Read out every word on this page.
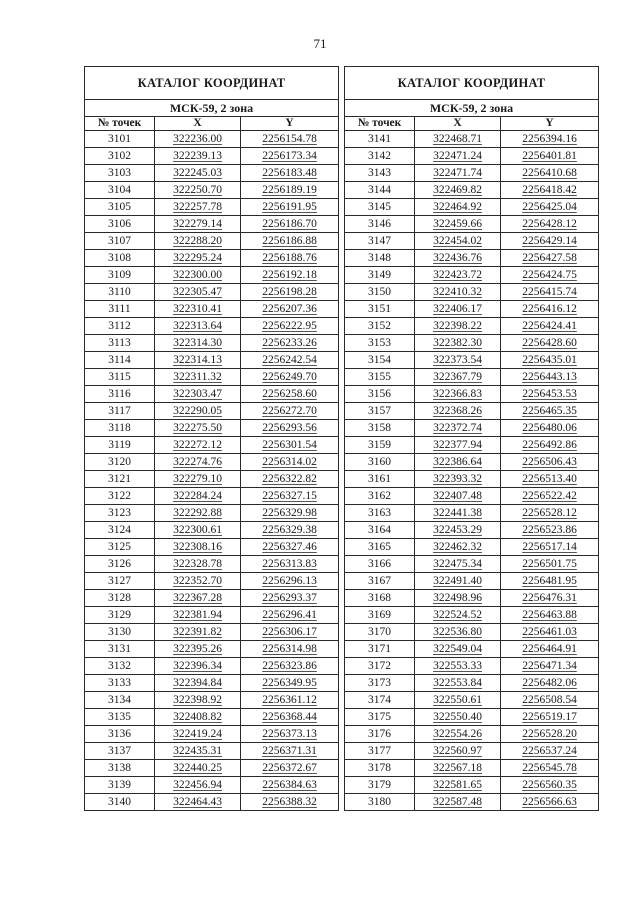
71
КАТАЛОГ КООРДИНАТ		
МСК-59, 2 зона		
№ точек	X	Y
3101	322236.00	2256154.78
3102	322239.13	2256173.34
3103	322245.03	2256183.48
3104	322250.70	2256189.19
3105	322257.78	2256191.95
3106	322279.14	2256186.70
3107	322288.20	2256186.88
3108	322295.24	2256188.76
3109	322300.00	2256192.18
3110	322305.47	2256198.28
3111	322310.41	2256207.36
3112	322313.64	2256222.95
3113	322314.30	2256233.26
3114	322314.13	2256242.54
3115	322311.32	2256249.70
3116	322303.47	2256258.60
3117	322290.05	2256272.70
3118	322275.50	2256293.56
3119	322272.12	2256301.54
3120	322274.76	2256314.02
3121	322279.10	2256322.82
3122	322284.24	2256327.15
3123	322292.88	2256329.98
3124	322300.61	2256329.38
3125	322308.16	2256327.46
3126	322328.78	2256313.83
3127	322352.70	2256296.13
3128	322367.28	2256293.37
3129	322381.94	2256296.41
3130	322391.82	2256306.17
3131	322395.26	2256314.98
3132	322396.34	2256323.86
3133	322394.84	2256349.95
3134	322398.92	2256361.12
3135	322408.82	2256368.44
3136	322419.24	2256373.13
3137	322435.31	2256371.31
3138	322440.25	2256372.67
3139	322456.94	2256384.63
3140	322464.43	2256388.32
КАТАЛОГ КООРДИНАТ		
МСК-59, 2 зона		
№ точек	X	Y
3141	322468.71	2256394.16
3142	322471.24	2256401.81
3143	322471.74	2256410.68
3144	322469.82	2256418.42
3145	322464.92	2256425.04
3146	322459.66	2256428.12
3147	322454.02	2256429.14
3148	322436.76	2256427.58
3149	322423.72	2256424.75
3150	322410.32	2256415.74
3151	322406.17	2256416.12
3152	322398.22	2256424.41
3153	322382.30	2256428.60
3154	322373.54	2256435.01
3155	322367.79	2256443.13
3156	322366.83	2256453.53
3157	322368.26	2256465.35
3158	322372.74	2256480.06
3159	322377.94	2256492.86
3160	322386.64	2256506.43
3161	322393.32	2256513.40
3162	322407.48	2256522.42
3163	322441.38	2256528.12
3164	322453.29	2256523.86
3165	322462.32	2256517.14
3166	322475.34	2256501.75
3167	322491.40	2256481.95
3168	322498.96	2256476.31
3169	322524.52	2256463.88
3170	322536.80	2256461.03
3171	322549.04	2256464.91
3172	322553.33	2256471.34
3173	322553.84	2256482.06
3174	322550.61	2256508.54
3175	322550.40	2256519.17
3176	322554.26	2256528.20
3177	322560.97	2256537.24
3178	322567.18	2256545.78
3179	322581.65	2256560.35
3180	322587.48	2256566.63
